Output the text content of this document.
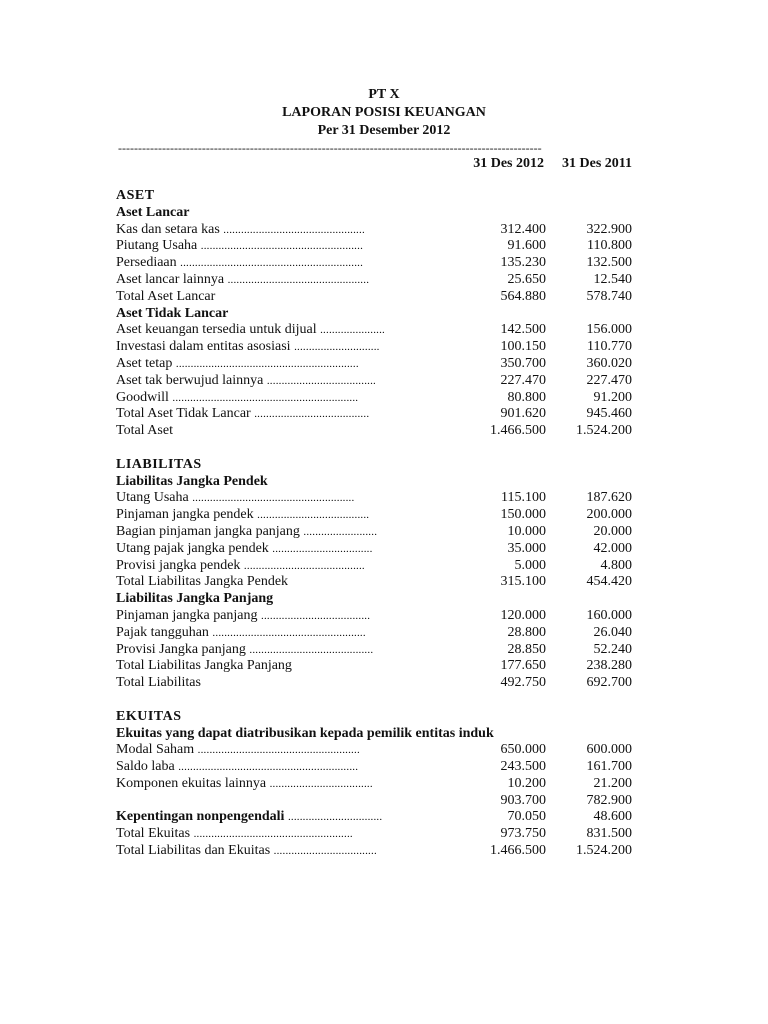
PT X
LAPORAN POSISI KEUANGAN
Per 31 Desember 2012
----------------------------------------------------------------------------------------------------------
31 Des 2012	31 Des 2011
ASET
Aset Lancar
Kas dan setara kas ................................................	312.400	322.900
Piutang Usaha .......................................................	91.600	110.800
Persediaan ..............................................................	135.230	132.500
Aset lancar lainnya ................................................	25.650	12.540
Total Aset Lancar	564.880	578.740
Aset Tidak Lancar
Aset keuangan tersedia untuk dijual ......................	142.500	156.000
Investasi dalam entitas asosiasi .............................	100.150	110.770
Aset tetap ..............................................................	350.700	360.020
Aset tak berwujud lainnya .....................................	227.470	227.470
Goodwill ...............................................................	80.800	91.200
Total Aset Tidak Lancar .......................................	901.620	945.460
Total Aset	1.466.500 1.524.200
LIABILITAS
Liabilitas Jangka Pendek
Utang Usaha .......................................................	115.100	187.620
Pinjaman jangka pendek ......................................	150.000	200.000
Bagian pinjaman jangka panjang .........................	10.000	20.000
Utang pajak jangka pendek ..................................	35.000	42.000
Provisi jangka pendek .........................................	5.000	4.800
Total Liabilitas Jangka Pendek	315.100	454.420
Liabilitas Jangka Panjang
Pinjaman jangka panjang .....................................	120.000	160.000
Pajak tangguhan ....................................................	28.800	26.040
Provisi Jangka panjang ..........................................	28.850	52.240
Total Liabilitas Jangka Panjang	177.650	238.280
Total Liabilitas	492.750	692.700
EKUITAS
Ekuitas yang dapat diatribusikan kepada pemilik entitas induk
Modal Saham .......................................................	650.000	600.000
Saldo laba .............................................................	243.500	161.700
Komponen ekuitas lainnya ...................................	10.200	21.200
903.700	782.900
Kepentingan nonpengendali ................................	70.050	48.600
Total Ekuitas ......................................................	973.750	831.500
Total Liabilitas dan Ekuitas ...................................	1.466.500 1.524.200
